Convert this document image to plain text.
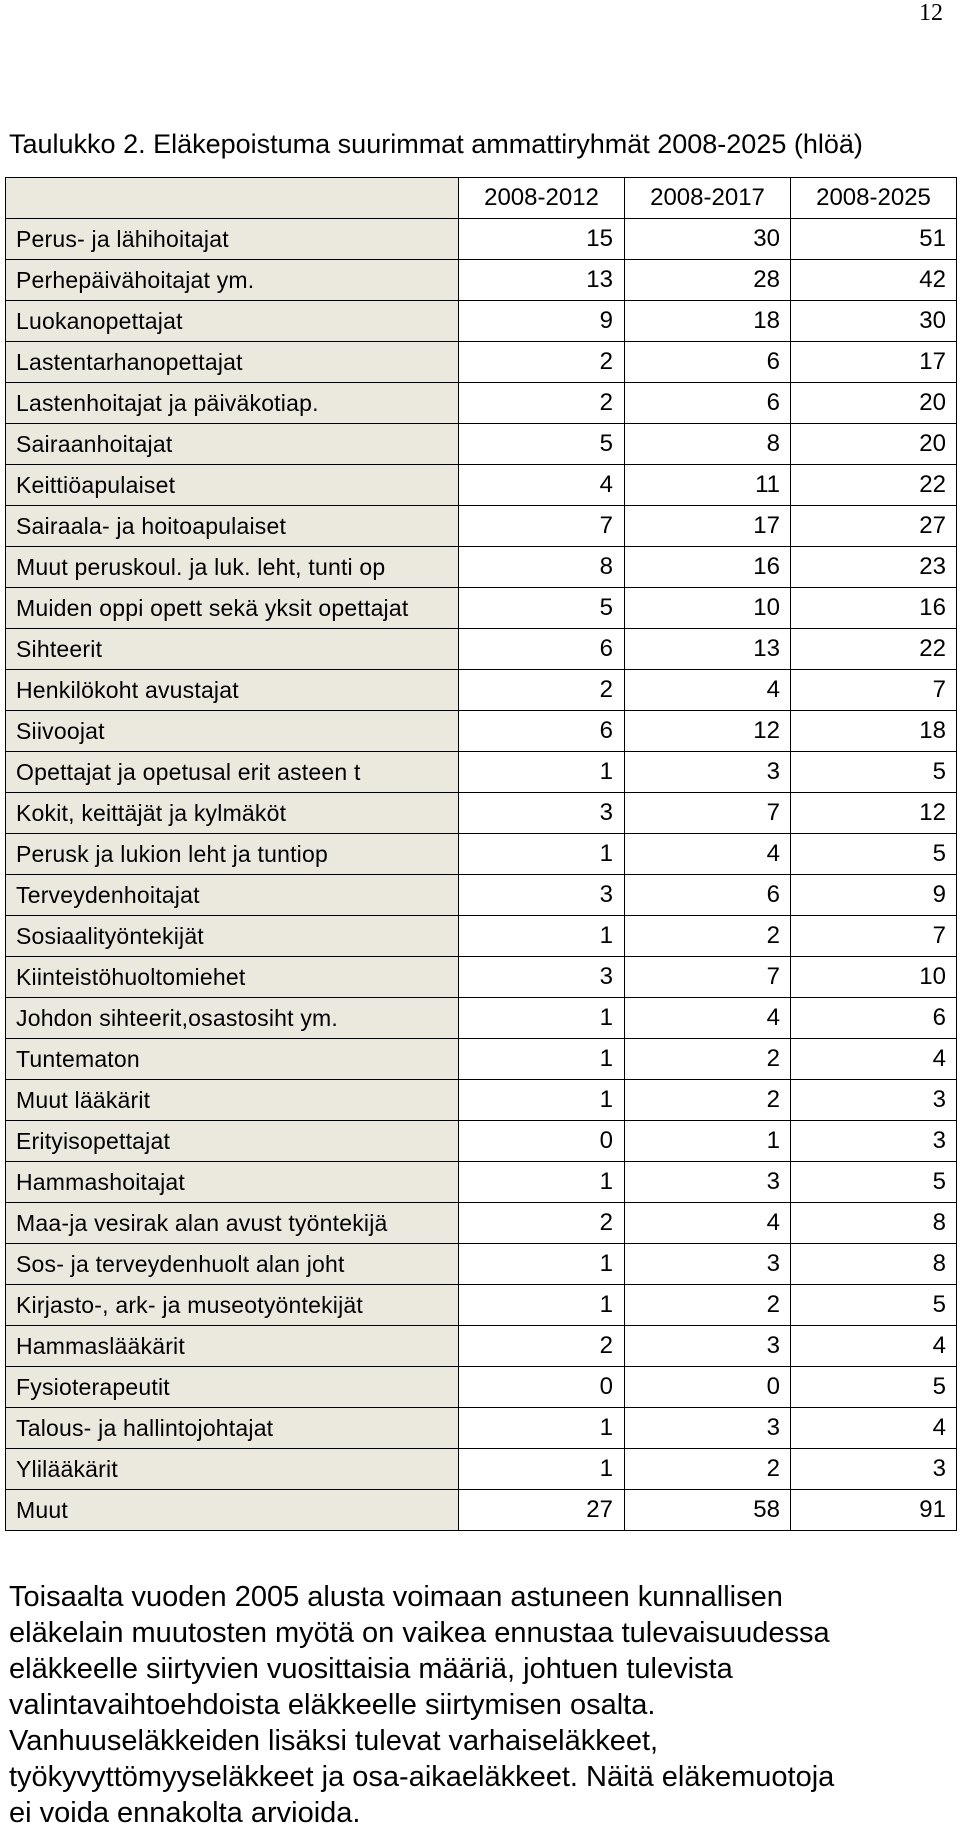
12
Taulukko 2. Eläkepoistuma suurimmat ammattiryhmät 2008-2025 (hlöä)
	2008-2012	2008-2017	2008-2025
Perus- ja lähihoitajat	15	30	51
Perhepäivähoitajat ym.	13	28	42
Luokanopettajat	9	18	30
Lastentarhanopettajat	2	6	17
Lastenhoitajat ja päiväkotiap.	2	6	20
Sairaanhoitajat	5	8	20
Keittiöapulaiset	4	11	22
Sairaala- ja hoitoapulaiset	7	17	27
Muut peruskoul. ja luk. leht, tunti op	8	16	23
Muiden oppi opett sekä yksit opettajat	5	10	16
Sihteerit	6	13	22
Henkilökoht avustajat	2	4	7
Siivoojat	6	12	18
Opettajat ja opetusal erit asteen t	1	3	5
Kokit, keittäjät ja kylmäköt	3	7	12
Perusk ja lukion leht ja tuntiop	1	4	5
Terveydenhoitajat	3	6	9
Sosiaalityöntekijät	1	2	7
Kiinteistöhuoltomiehet	3	7	10
Johdon sihteerit,osastosiht ym.	1	4	6
Tuntematon	1	2	4
Muut lääkärit	1	2	3
Erityisopettajat	0	1	3
Hammashoitajat	1	3	5
Maa-ja vesirak alan avust työntekijä	2	4	8
Sos- ja terveydenhuolt alan joht	1	3	8
Kirjasto-, ark- ja museotyöntekijät	1	2	5
Hammaslääkärit	2	3	4
Fysioterapeutit	0	0	5
Talous- ja hallintojohtajat	1	3	4
Ylilääkärit	1	2	3
Muut	27	58	91

Toisaalta vuoden 2005 alusta voimaan astuneen kunnallisen

eläkelain muutosten myötä on vaikea ennustaa tulevaisuudessa

eläkkeelle siirtyvien vuosittaisia määriä, johtuen tulevista

valintavaihtoehdoista eläkkeelle siirtymisen osalta.

Vanhuuseläkkeiden lisäksi tulevat varhaiseläkkeet,

työkyvyttömyyseläkkeet ja osa-aikaeläkkeet. Näitä eläkemuotoja

ei voida ennakolta arvioida.
